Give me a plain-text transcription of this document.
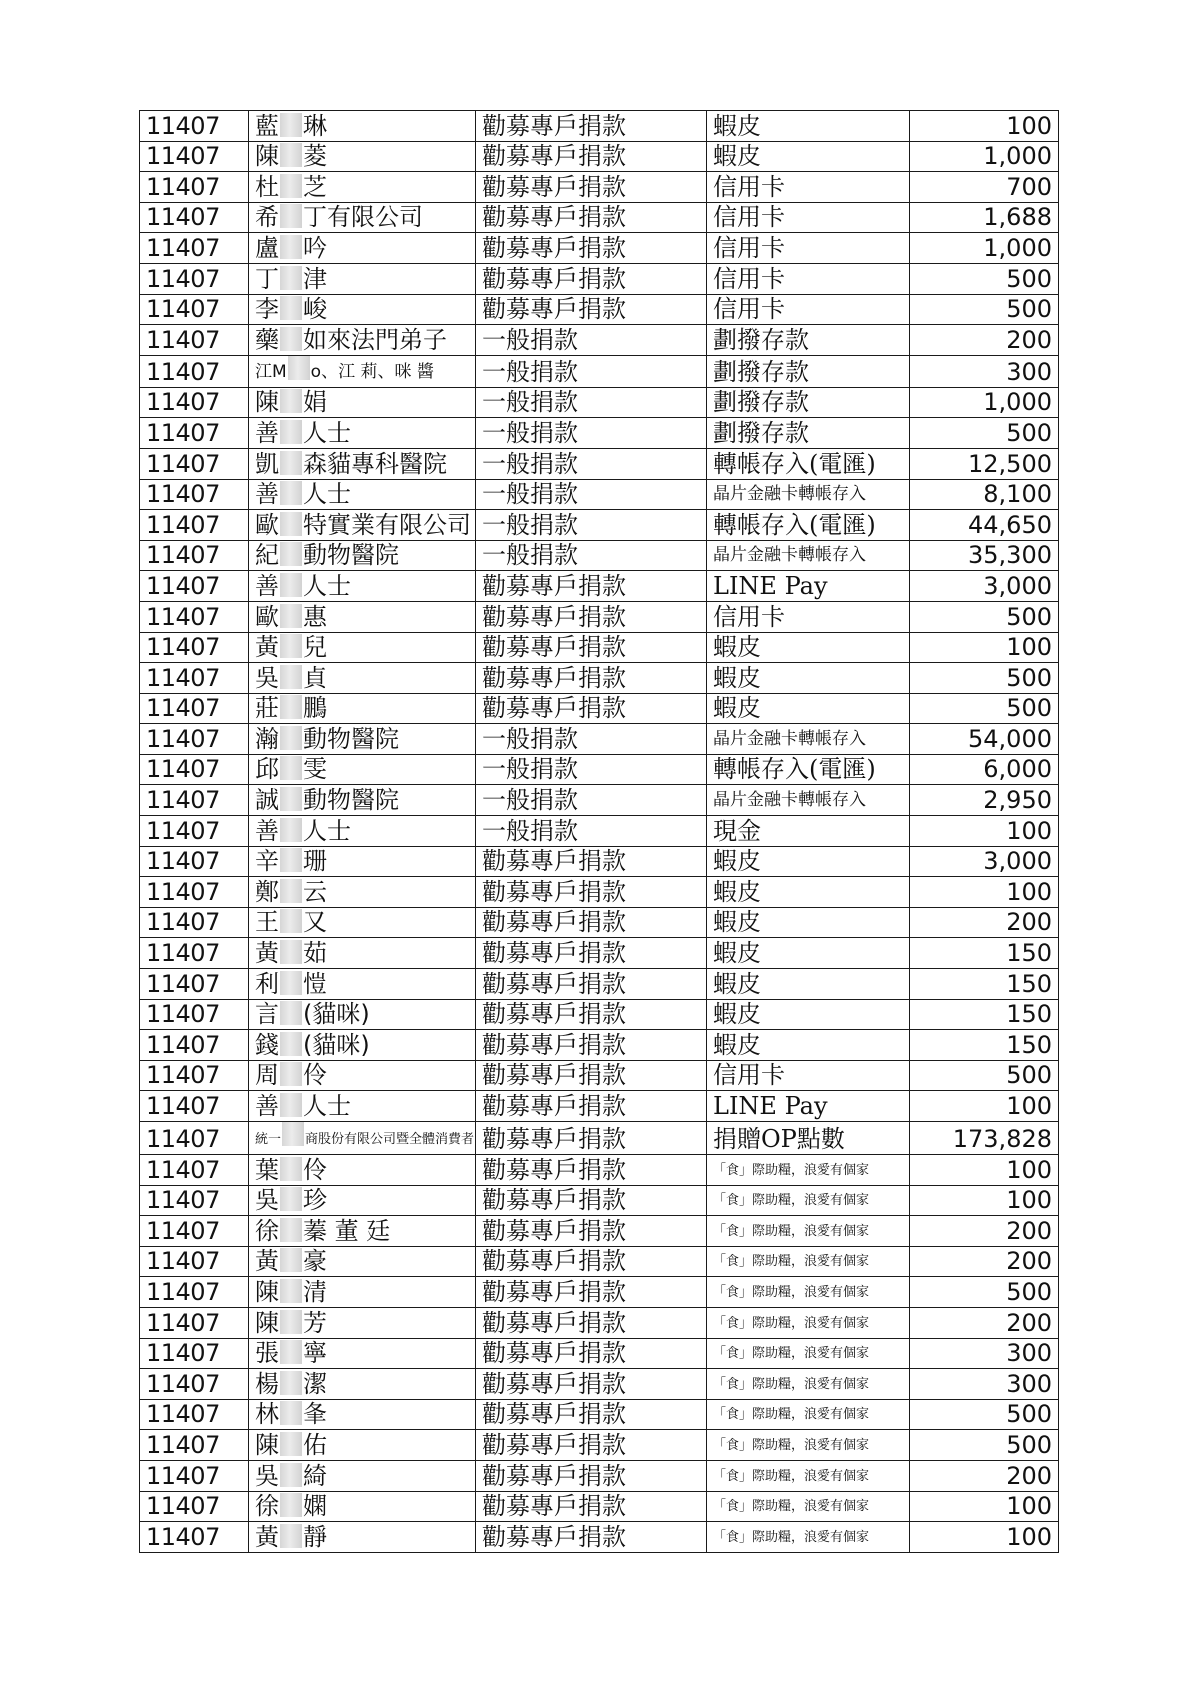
11407	藍 琳	勸募專戶捐款	蝦皮	100
11407	陳 菱	勸募專戶捐款	蝦皮	1,000
11407	杜 芝	勸募專戶捐款	信用卡	700
11407	希 丁有限公司	勸募專戶捐款	信用卡	1,688
11407	盧 吟	勸募專戶捐款	信用卡	1,000
11407	丁 津	勸募專戶捐款	信用卡	500
11407	李 峻	勸募專戶捐款	信用卡	500
11407	藥 如來法門弟子	一般捐款	劃撥存款	200
11407	江M o、江 莉、咪 醬	一般捐款	劃撥存款	300
11407	陳 娟	一般捐款	劃撥存款	1,000
11407	善 人士	一般捐款	劃撥存款	500
11407	凱 森貓專科醫院	一般捐款	轉帳存入(電匯)	12,500
11407	善 人士	一般捐款	晶片金融卡轉帳存入	8,100
11407	歐 特實業有限公司	一般捐款	轉帳存入(電匯)	44,650
11407	紀 動物醫院	一般捐款	晶片金融卡轉帳存入	35,300
11407	善 人士	勸募專戶捐款	LINE Pay	3,000
11407	歐 惠	勸募專戶捐款	信用卡	500
11407	黃 兒	勸募專戶捐款	蝦皮	100
11407	吳 貞	勸募專戶捐款	蝦皮	500
11407	莊 鵬	勸募專戶捐款	蝦皮	500
11407	瀚 動物醫院	一般捐款	晶片金融卡轉帳存入	54,000
11407	邱 雯	一般捐款	轉帳存入(電匯)	6,000
11407	誠 動物醫院	一般捐款	晶片金融卡轉帳存入	2,950
11407	善 人士	一般捐款	現金	100
11407	辛 珊	勸募專戶捐款	蝦皮	3,000
11407	鄭 云	勸募專戶捐款	蝦皮	100
11407	王 又	勸募專戶捐款	蝦皮	200
11407	黃 茹	勸募專戶捐款	蝦皮	150
11407	利 愷	勸募專戶捐款	蝦皮	150
11407	言 (貓咪)	勸募專戶捐款	蝦皮	150
11407	錢 (貓咪)	勸募專戶捐款	蝦皮	150
11407	周 伶	勸募專戶捐款	信用卡	500
11407	善 人士	勸募專戶捐款	LINE Pay	100
11407	統一 商股份有限公司暨全體消費者	勸募專戶捐款	捐贈OP點數	173,828
11407	葉 伶	勸募專戶捐款	「食」際助糧，浪愛有個家	100
11407	吳 珍	勸募專戶捐款	「食」際助糧，浪愛有個家	100
11407	徐 蓁 董 廷	勸募專戶捐款	「食」際助糧，浪愛有個家	200
11407	黃 豪	勸募專戶捐款	「食」際助糧，浪愛有個家	200
11407	陳 清	勸募專戶捐款	「食」際助糧，浪愛有個家	500
11407	陳 芳	勸募專戶捐款	「食」際助糧，浪愛有個家	200
11407	張 寧	勸募專戶捐款	「食」際助糧，浪愛有個家	300
11407	楊 潔	勸募專戶捐款	「食」際助糧，浪愛有個家	300
11407	林 夆	勸募專戶捐款	「食」際助糧，浪愛有個家	500
11407	陳 佑	勸募專戶捐款	「食」際助糧，浪愛有個家	500
11407	吳 綺	勸募專戶捐款	「食」際助糧，浪愛有個家	200
11407	徐 嫻	勸募專戶捐款	「食」際助糧，浪愛有個家	100
11407	黃 靜	勸募專戶捐款	「食」際助糧，浪愛有個家	100
